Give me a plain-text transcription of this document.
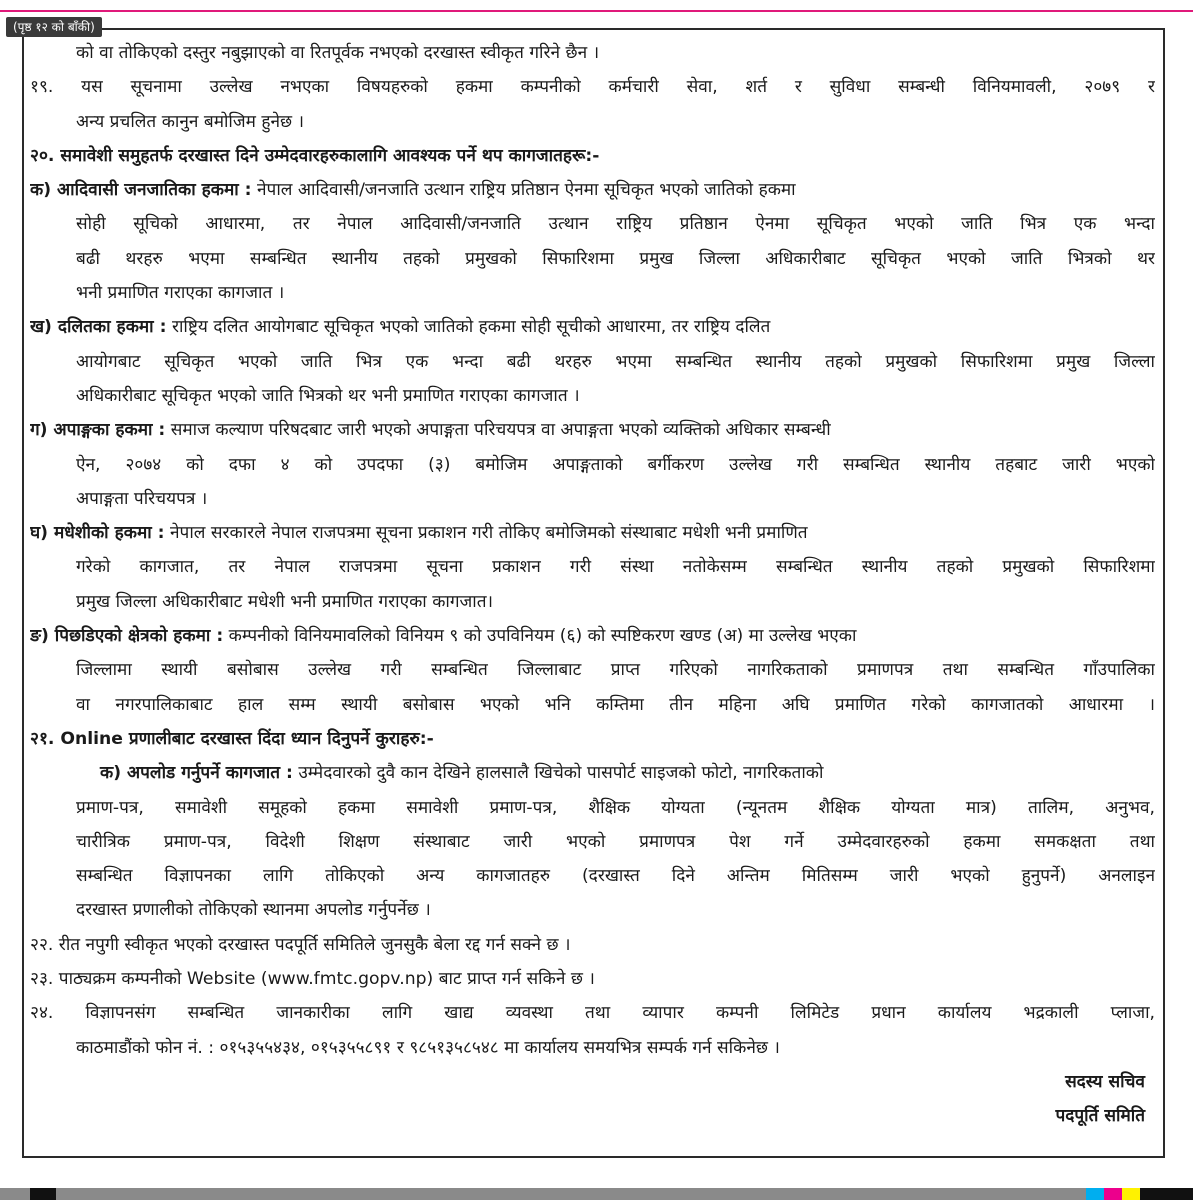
(पृष्ठ १२ को बाँकी)
को वा तोकिएको दस्तुर नबुझाएको वा रितपूर्वक नभएको दरखास्त स्वीकृत गरिने छैन ।
१९. यस सूचनामा उल्लेख नभएका विषयहरुको हकमा कम्पनीको कर्मचारी सेवा, शर्त र सुविधा सम्बन्धी विनियमावली, २०७९ र
अन्य प्रचलित कानुन बमोजिम हुनेछ ।
२०. समावेशी समुहतर्फ दरखास्त दिने उम्मेदवारहरुकालागि आवश्यक पर्ने थप कागजातहरू:-
क) आदिवासी जनजातिका हकमा : नेपाल आदिवासी/जनजाति उत्थान राष्ट्रिय प्रतिष्ठान ऐनमा सूचिकृत भएको जातिको हकमा
सोही सूचिको आधारमा, तर नेपाल आदिवासी/जनजाति उत्थान राष्ट्रिय प्रतिष्ठान ऐनमा सूचिकृत भएको जाति भित्र एक भन्दा
बढी थरहरु भएमा सम्बन्धित स्थानीय तहको प्रमुखको सिफारिशमा प्रमुख जिल्ला अधिकारीबाट सूचिकृत भएको जाति भित्रको थर
भनी प्रमाणित गराएका कागजात ।
ख) दलितका हकमा : राष्ट्रिय दलित आयोगबाट सूचिकृत भएको जातिको हकमा सोही सूचीको आधारमा, तर राष्ट्रिय दलित
आयोगबाट सूचिकृत भएको जाति भित्र एक भन्दा बढी थरहरु भएमा सम्बन्धित स्थानीय तहको प्रमुखको सिफारिशमा प्रमुख जिल्ला
अधिकारीबाट सूचिकृत भएको जाति भित्रको थर भनी प्रमाणित गराएका कागजात ।
ग) अपाङ्गका हकमा : समाज कल्याण परिषदबाट जारी भएको अपाङ्गता परिचयपत्र वा अपाङ्गता भएको व्यक्तिको अधिकार सम्बन्धी
ऐन, २०७४ को दफा ४ को उपदफा (३) बमोजिम अपाङ्गताको बर्गीकरण उल्लेख गरी सम्बन्धित स्थानीय तहबाट जारी भएको
अपाङ्गता परिचयपत्र ।
घ) मधेशीको हकमा : नेपाल सरकारले नेपाल राजपत्रमा सूचना प्रकाशन गरी तोकिए बमोजिमको संस्थाबाट मधेशी भनी प्रमाणित
गरेको कागजात, तर नेपाल राजपत्रमा सूचना प्रकाशन गरी संस्था नतोकेसम्म सम्बन्धित स्थानीय तहको प्रमुखको सिफारिशमा
प्रमुख जिल्ला अधिकारीबाट मधेशी भनी प्रमाणित गराएका कागजात।
ङ) पिछडिएको क्षेत्रको हकमा : कम्पनीको विनियमावलिको विनियम ९ को उपविनियम (६) को स्पष्टिकरण खण्ड (अ) मा उल्लेख भएका
जिल्लामा स्थायी बसोबास उल्लेख गरी सम्बन्धित जिल्लाबाट प्राप्त गरिएको नागरिकताको प्रमाणपत्र तथा सम्बन्धित गाँउपालिका
वा नगरपालिकाबाट हाल सम्म स्थायी बसोबास भएको भनि कम्तिमा तीन महिना अघि प्रमाणित गरेको कागजातको आधारमा ।
२१. Online प्रणालीबाट दरखास्त दिंदा ध्यान दिनुपर्ने कुराहरु:-
क) अपलोड गर्नुपर्ने कागजात : उम्मेदवारको दुवै कान देखिने हालसालै खिचेको पासपोर्ट साइजको फोटो, नागरिकताको
प्रमाण-पत्र, समावेशी समूहको हकमा समावेशी प्रमाण-पत्र, शैक्षिक योग्यता (न्यूनतम शैक्षिक योग्यता मात्र) तालिम, अनुभव,
चारीत्रिक प्रमाण-पत्र, विदेशी शिक्षण संस्थाबाट जारी भएको प्रमाणपत्र पेश गर्ने उम्मेदवारहरुको हकमा समकक्षता तथा
सम्बन्धित विज्ञापनका लागि तोकिएको अन्य कागजातहरु (दरखास्त दिने अन्तिम मितिसम्म जारी भएको हुनुपर्ने) अनलाइन
दरखास्त प्रणालीको तोकिएको स्थानमा अपलोड गर्नुपर्नेछ ।
२२. रीत नपुगी स्वीकृत भएको दरखास्त पदपूर्ति समितिले जुनसुकै बेला रद्द गर्न सक्ने छ ।
२३. पाठ्यक्रम कम्पनीको Website (www.fmtc.gopv.np) बाट प्राप्त गर्न सकिने छ ।
२४. विज्ञापनसंग सम्बन्धित जानकारीका लागि खाद्य व्यवस्था तथा व्यापार कम्पनी लिमिटेड प्रधान कार्यालय भद्रकाली प्लाजा,
काठमाडौंको फोन नं. : ०१५३५५४३४, ०१५३५५८९१ र ९८५१३५८५४८ मा कार्यालय समयभित्र सम्पर्क गर्न सकिनेछ ।
सदस्य सचिव
पदपूर्ति समिति
